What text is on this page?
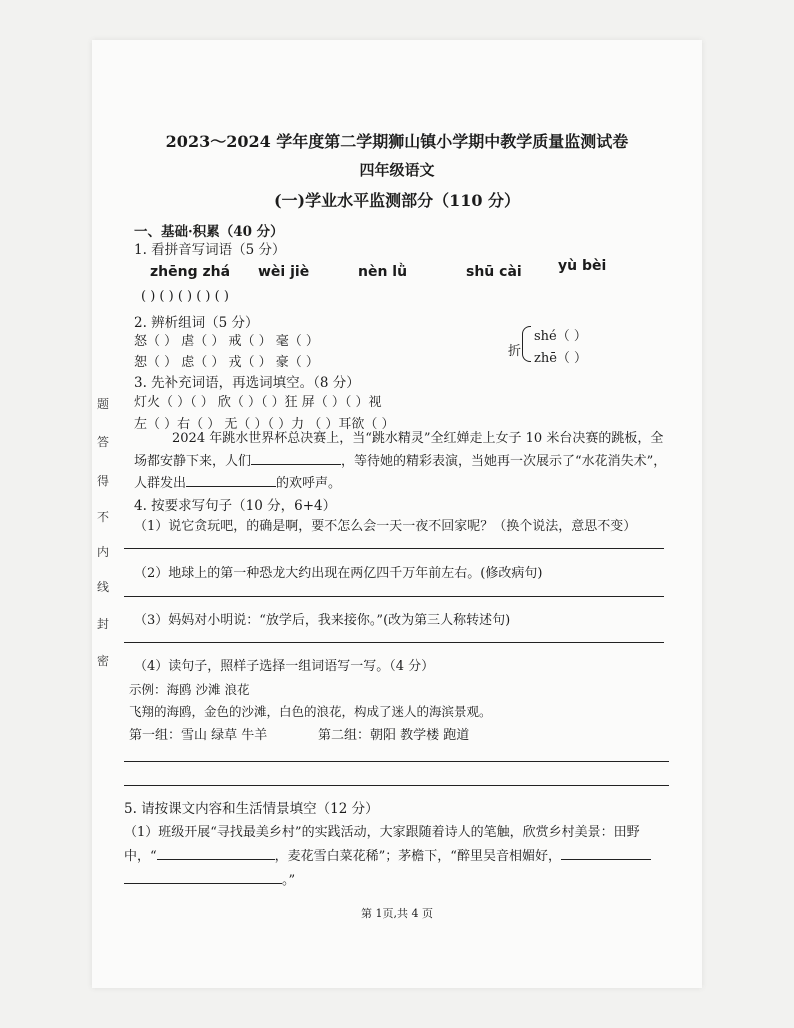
题
答
得
不
内
线
封
密
2023～2024 学年度第二学期狮山镇小学期中教学质量监测试卷
四年级语文
(一)学业水平监测部分（110 分）
一、基础·积累（40 分）
1. 看拼音写词语（5 分）
zhēng zhá wèi jiè	nèn lǜ	shū cài	yù bèi
( ) ( ) ( ) ( ) ( )
2. 辨析组词（5 分）
怒（ ） 虐（ ） 戒（ ） 毫（ ）
恕（ ） 虑（ ） 戎（ ） 豪（ ）
折
shé（ ）
zhē（ ）
3. 先补充词语，再选词填空。（8 分）
灯火（ ）（ ） 欣（ ）（ ）狂 屏（ ）（ ）视
左（ ）右（ ） 无（ ）（ ）力 （ ）耳欲（ ）
2024 年跳水世界杯总决赛上，当“跳水精灵”全红婵走上女子 10 米台决赛的跳板，全
场都安静下来，人们	，等待她的精彩表演，当她再一次展示了“水花消失术”，
人群发出	的欢呼声。
4. 按要求写句子（10 分，6+4）
（1）说它贪玩吧，的确是啊，要不怎么会一天一夜不回家呢？（换个说法，意思不变）
（2）地球上的第一种恐龙大约出现在两亿四千万年前左右。(修改病句)
（3）妈妈对小明说：“放学后，我来接你。”(改为第三人称转述句)
（4）读句子，照样子选择一组词语写一写。（4 分）
示例：海鸥 沙滩 浪花
飞翔的海鸥，金色的沙滩，白色的浪花，构成了迷人的海滨景观。
第一组：雪山 绿草 牛羊	第二组：朝阳 教学楼 跑道
5. 请按课文内容和生活情景填空（12 分）
（1）班级开展“寻找最美乡村”的实践活动，大家跟随着诗人的笔触，欣赏乡村美景：田野
中，“	，麦花雪白菜花稀”；茅檐下，“醉里吴音相媚好，
。”
第 1页,共 4 页
